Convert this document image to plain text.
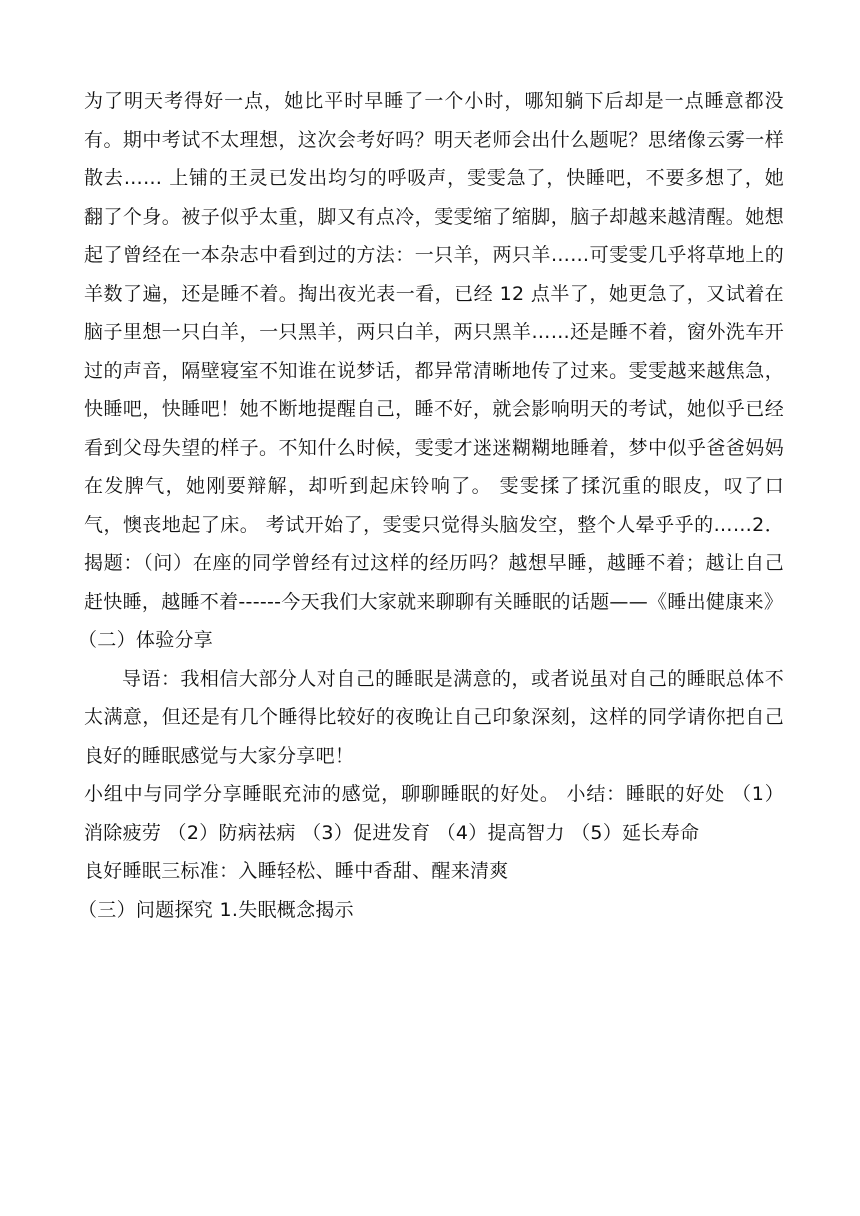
为了明天考得好一点，她比平时早睡了一个小时，哪知躺下后却是一点睡意都没有。期中考试不太理想，这次会考好吗？明天老师会出什么题呢？思绪像云雾一样散去…… 上铺的王灵已发出均匀的呼吸声，雯雯急了，快睡吧，不要多想了，她翻了个身。被子似乎太重，脚又有点冷，雯雯缩了缩脚，脑子却越来越清醒。她想起了曾经在一本杂志中看到过的方法：一只羊，两只羊……可雯雯几乎将草地上的羊数了遍，还是睡不着。掏出夜光表一看，已经 12 点半了，她更急了，又试着在脑子里想一只白羊，一只黑羊，两只白羊，两只黑羊……还是睡不着，窗外洗车开过的声音，隔壁寝室不知谁在说梦话，都异常清晰地传了过来。雯雯越来越焦急，快睡吧，快睡吧！她不断地提醒自己，睡不好，就会影响明天的考试，她似乎已经看到父母失望的样子。不知什么时候，雯雯才迷迷糊糊地睡着，梦中似乎爸爸妈妈在发脾气，她刚要辩解，却听到起床铃响了。 雯雯揉了揉沉重的眼皮，叹了口气，懊丧地起了床。 考试开始了，雯雯只觉得头脑发空，整个人晕乎乎的……2．揭题：（问）在座的同学曾经有过这样的经历吗？越想早睡，越睡不着；越让自己赶快睡，越睡不着------今天我们大家就来聊聊有关睡眠的话题——《睡出健康来》

（二）体验分享

导语：我相信大部分人对自己的睡眠是满意的，或者说虽对自己的睡眠总体不太满意，但还是有几个睡得比较好的夜晚让自己印象深刻，这样的同学请你把自己良好的睡眠感觉与大家分享吧！

小组中与同学分享睡眠充沛的感觉，聊聊睡眠的好处。 小结：睡眠的好处 （1）消除疲劳 （2）防病祛病 （3）促进发育 （4）提高智力 （5）延长寿命

良好睡眠三标准：入睡轻松、睡中香甜、醒来清爽

（三）问题探究 1.失眠概念揭示
